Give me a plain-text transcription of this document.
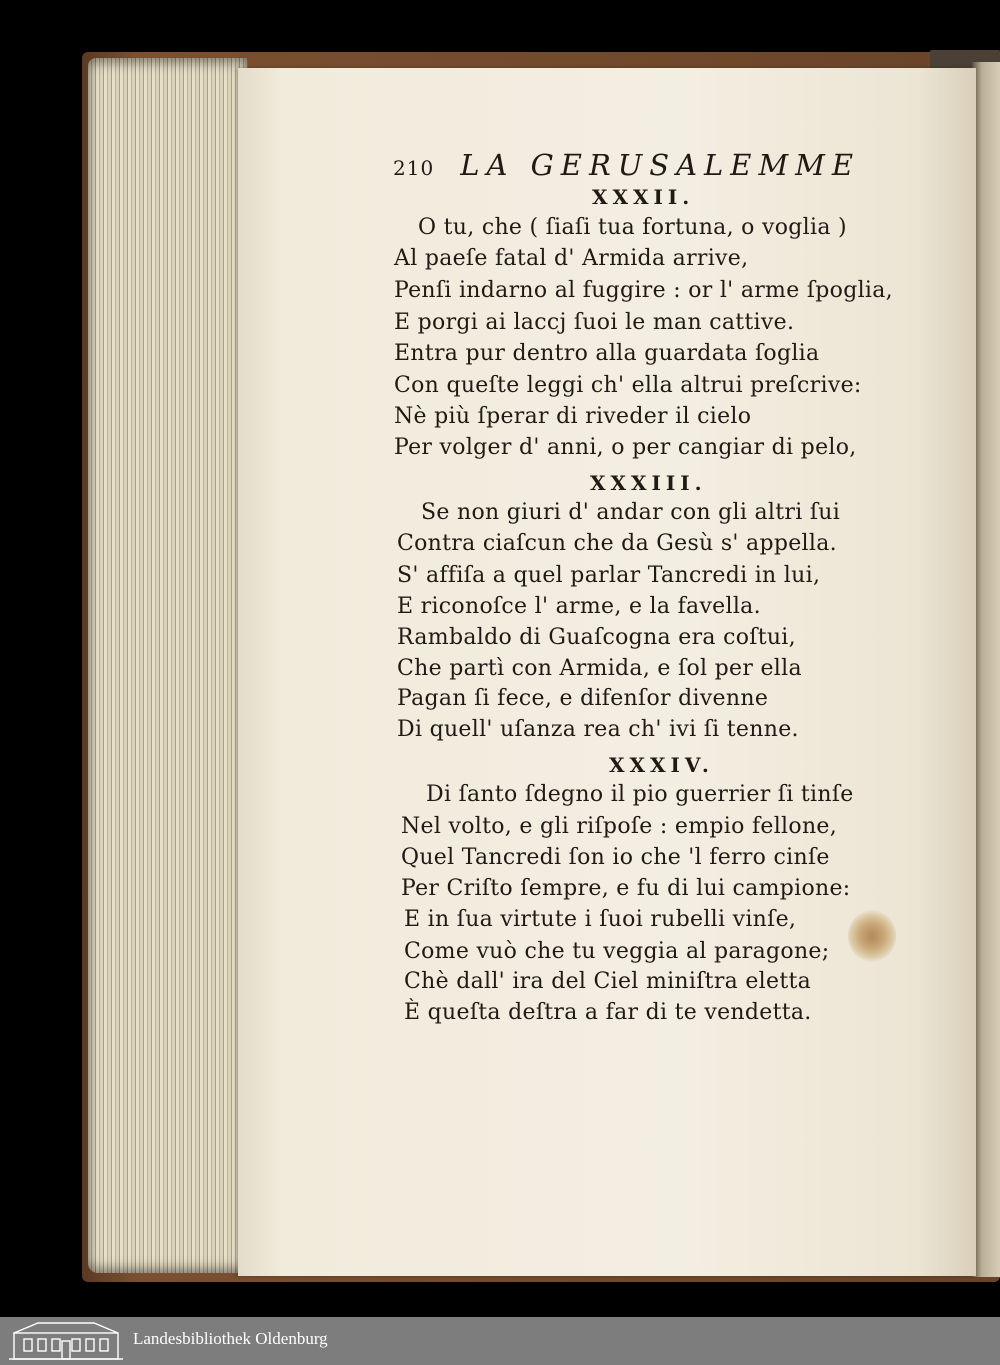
210 LA GERUSALEMME
XXXII.
O tu, che ( ſiaſi tua fortuna, o voglia )
Al paeſe fatal d' Armida arrive,
Penſi indarno al fuggire : or l' arme ſpoglia,
E porgi ai laccj ſuoi le man cattive.
Entra pur dentro alla guardata ſoglia
Con queſte leggi ch' ella altrui preſcrive:
Nè più ſperar di riveder il cielo
Per volger d' anni, o per cangiar di pelo,
XXXIII.
Se non giuri d' andar con gli altri ſui
Contra ciaſcun che da Gesù s' appella.
S' affiſa a quel parlar Tancredi in lui,
E riconoſce l' arme, e la favella.
Rambaldo di Guaſcogna era coſtui,
Che partì con Armida, e ſol per ella
Pagan ſi fece, e difenſor divenne
Di quell' uſanza rea ch' ivi ſi tenne.
XXXIV.
Di ſanto ſdegno il pio guerrier ſi tinſe
Nel volto, e gli riſpoſe : empio fellone,
Quel Tancredi ſon io che 'l ferro cinſe
Per Criſto ſempre, e fu di lui campione:
E in ſua virtute i ſuoi rubelli vinſe,
Come vuò che tu veggia al paragone;
Chè dall' ira del Ciel miniſtra eletta
È queſta deſtra a far di te vendetta.
Landesbibliothek Oldenburg
